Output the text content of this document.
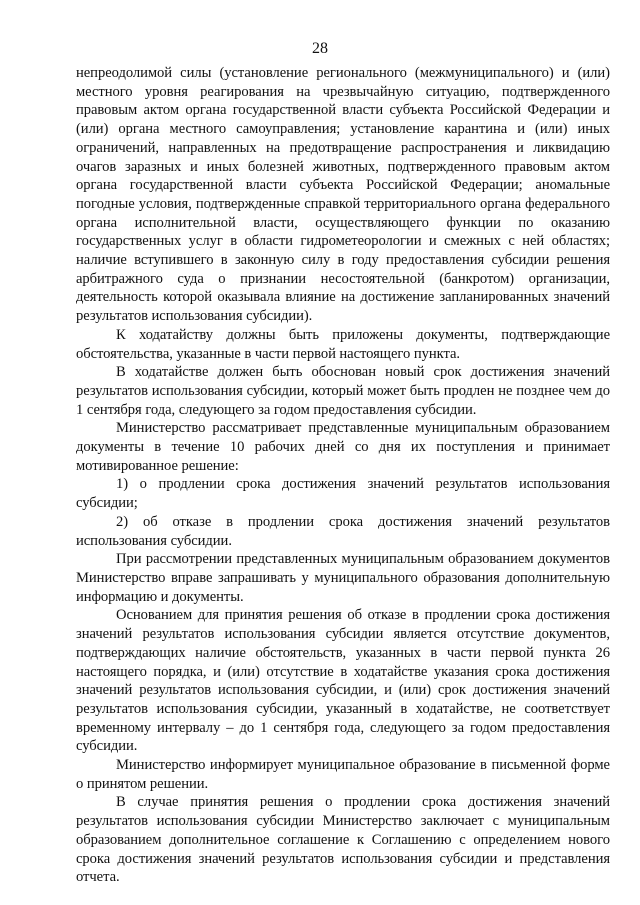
28

непреодолимой силы (установление регионального (межмуниципального) и (или) местного уровня реагирования на чрезвычайную ситуацию, подтвержденного правовым актом органа государственной власти субъекта Российской Федерации и (или) органа местного самоуправления; установление карантина и (или) иных ограничений, направленных на предотвращение распространения и ликвидацию очагов заразных и иных болезней животных, подтвержденного правовым актом органа государственной власти субъекта Российской Федерации; аномальные погодные условия, подтвержденные справкой территориального органа федерального органа исполнительной власти, осуществляющего функции по оказанию государственных услуг в области гидрометеорологии и смежных с ней областях; наличие вступившего в законную силу в году предоставления субсидии решения арбитражного суда о признании несостоятельной (банкротом) организации, деятельность которой оказывала влияние на достижение запланированных значений результатов использования субсидии).

К ходатайству должны быть приложены документы, подтверждающие обстоятельства, указанные в части первой настоящего пункта.

В ходатайстве должен быть обоснован новый срок достижения значений результатов использования субсидии, который может быть продлен не позднее чем до 1 сентября года, следующего за годом предоставления субсидии.

Министерство рассматривает представленные муниципальным образованием документы в течение 10 рабочих дней со дня их поступления и принимает мотивированное решение:

1) о продлении срока достижения значений результатов использования субсидии;

2) об отказе в продлении срока достижения значений результатов использования субсидии.

При рассмотрении представленных муниципальным образованием документов Министерство вправе запрашивать у муниципального образования дополнительную информацию и документы.

Основанием для принятия решения об отказе в продлении срока достижения значений результатов использования субсидии является отсутствие документов, подтверждающих наличие обстоятельств, указанных в части первой пункта 26 настоящего порядка, и (или) отсутствие в ходатайстве указания срока достижения значений результатов использования субсидии, и (или) срок достижения значений результатов использования субсидии, указанный в ходатайстве, не соответствует временному интервалу – до 1 сентября года, следующего за годом предоставления субсидии.

Министерство информирует муниципальное образование в письменной форме о принятом решении.

В случае принятия решения о продлении срока достижения значений результатов использования субсидии Министерство заключает с муниципальным образованием дополнительное соглашение к Соглашению с определением нового срока достижения значений результатов использования субсидии и представления отчета.
